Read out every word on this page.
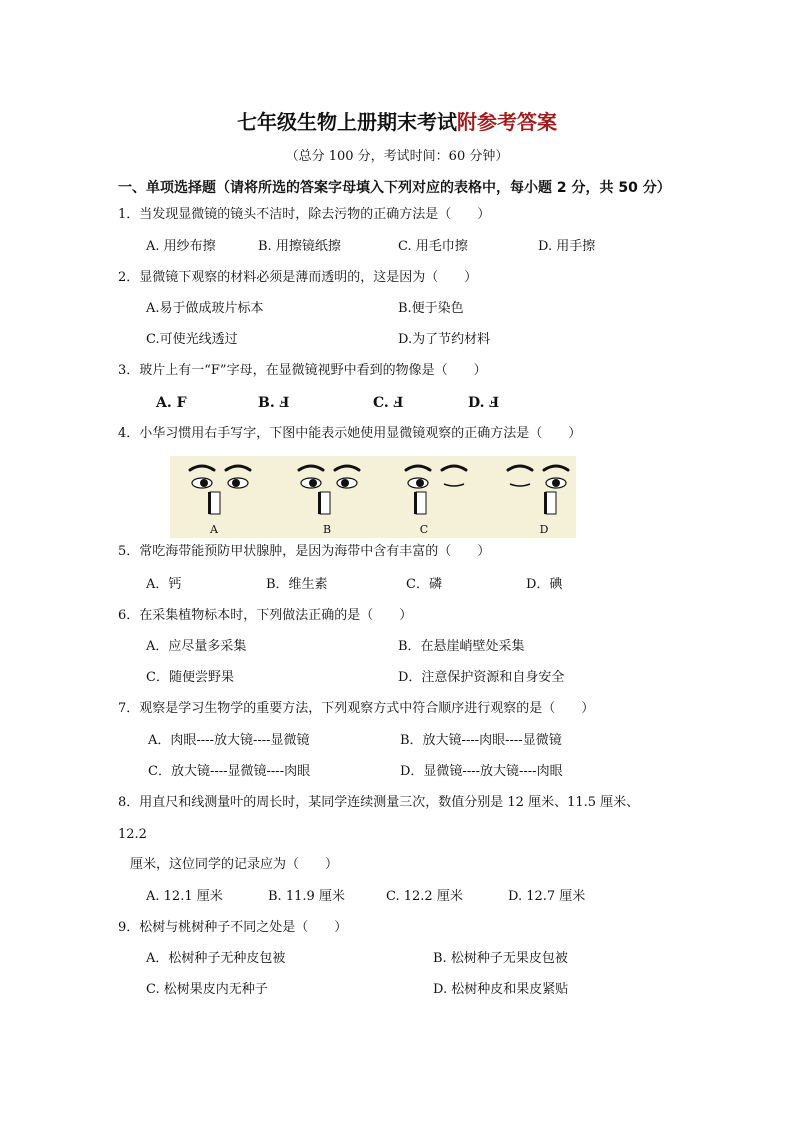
七年级生物上册期末考试附参考答案
（总分 100 分，考试时间：60 分钟）
一、单项选择题（请将所选的答案字母填入下列对应的表格中，每小题 2 分，共 50 分）
1．当发现显微镜的镜头不洁时，除去污物的正确方法是（　　）
A. 用纱布擦	B. 用擦镜纸擦	C. 用毛巾擦	D. 用手擦
2．显微镜下观察的材料必须是薄而透明的，这是因为（　　）
A.易于做成玻片标本	B.便于染色
C.可使光线透过	D.为了节约材料
3．玻片上有一“F”字母，在显微镜视野中看到的物像是（　　）
A. F	B. Ⅎ	C. Ⅎ	D. Ⅎ
4．小华习惯用右手写字，下图中能表示她使用显微镜观察的正确方法是（　　）
A	B	C	D
5．常吃海带能预防甲状腺肿，是因为海带中含有丰富的（　　）
A．钙	B．维生素	C．磷	D．碘
6．在采集植物标本时，下列做法正确的是（　　）
A．应尽量多采集	B．在悬崖峭壁处采集
C．随便尝野果	D．注意保护资源和自身安全
7．观察是学习生物学的重要方法，下列观察方式中符合顺序进行观察的是（　　）
A．肉眼----放大镜----显微镜	B．放大镜----肉眼----显微镜
C．放大镜----显微镜----肉眼	D．显微镜----放大镜----肉眼
8．用直尺和线测量叶的周长时，某同学连续测量三次，数值分别是 12 厘米、11.5 厘米、
12.2
厘米，这位同学的记录应为（　　）
A. 12.1 厘米	B. 11.9 厘米	C. 12.2 厘米	D. 12.7 厘米
9．松树与桃树种子不同之处是（　　）
A．松树种子无种皮包被	B. 松树种子无果皮包被
C. 松树果皮内无种子	D. 松树种皮和果皮紧贴
